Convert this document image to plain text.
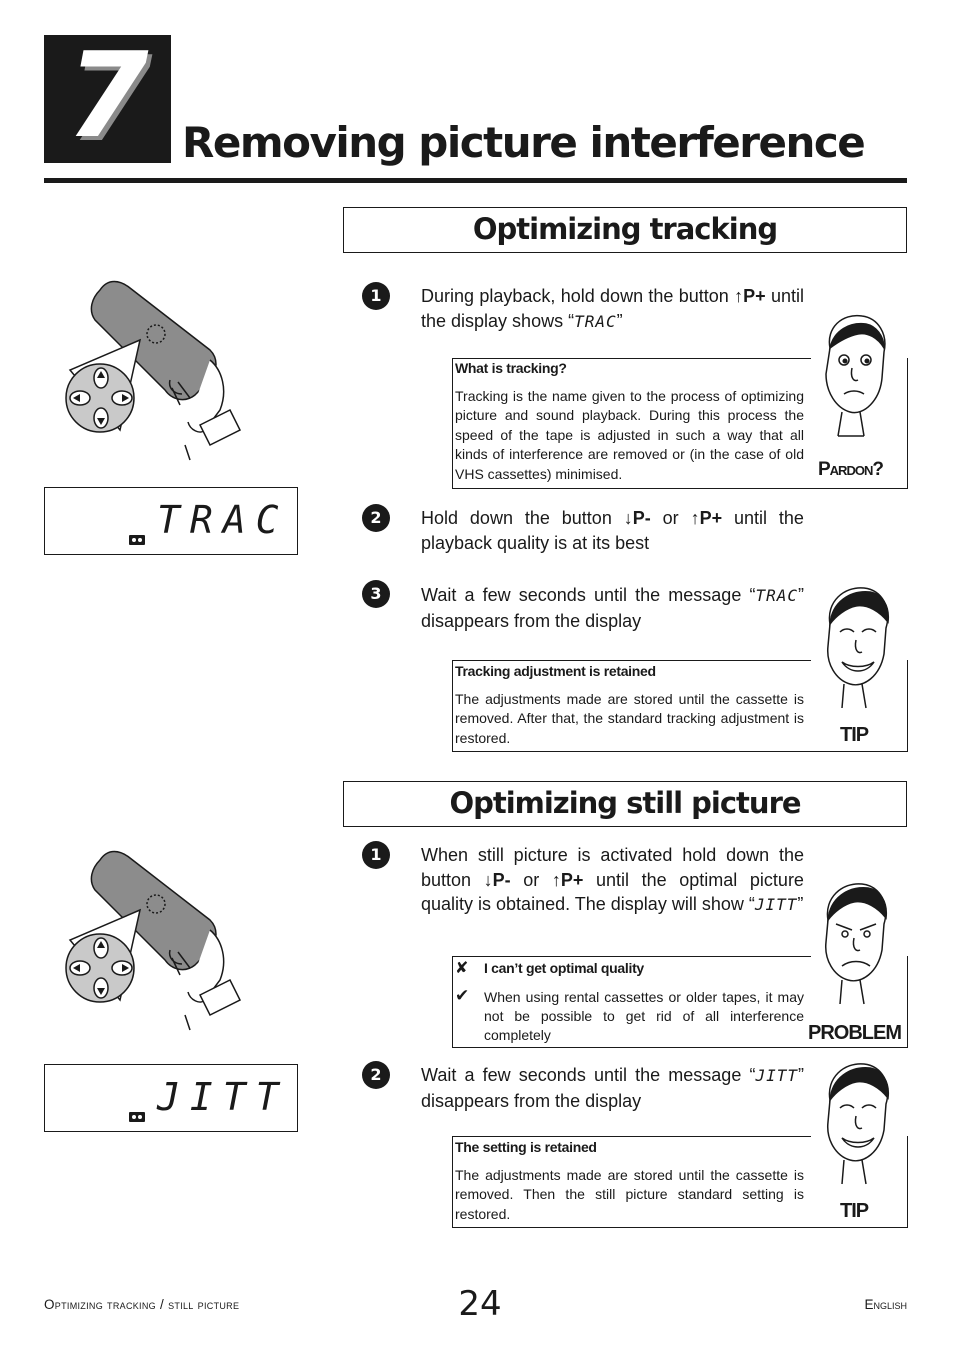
7 Removing picture interference
TRAC
Optimizing tracking
1	During playback, hold down the button ↑P+ until the display shows “TRAC”
What is tracking?
Tracking is the name given to the process of optimizing picture and sound playback. During this process the speed of the tape is adjusted in such a way that all kinds of interference are removed or (in the case of old VHS cassettes) minimised.	Pardon?
2	Hold down the button ↓P- or ↑P+ until the playback quality is at its best
3	Wait a few seconds until the message “TRAC” disappears from the display
Tracking adjustment is retained
The adjustments made are stored until the cassette is removed. After that, the standard tracking adjustment is restored.	TIP
Optimizing still picture
JITT
1	When still picture is activated hold down the button ↓P- or ↑P+ until the optimal picture quality is obtained. The display will show “JITT”
✘ I can’t get optimal quality
✔ When using rental cassettes or older tapes, it may not be possible to get rid of all interference completely	PROBLEM
2	Wait a few seconds until the message “JITT” disappears from the display
The setting is retained
The adjustments made are stored until the cassette is removed. Then the still picture standard setting is restored.	TIP
Optimizing tracking / still picture	24	English
